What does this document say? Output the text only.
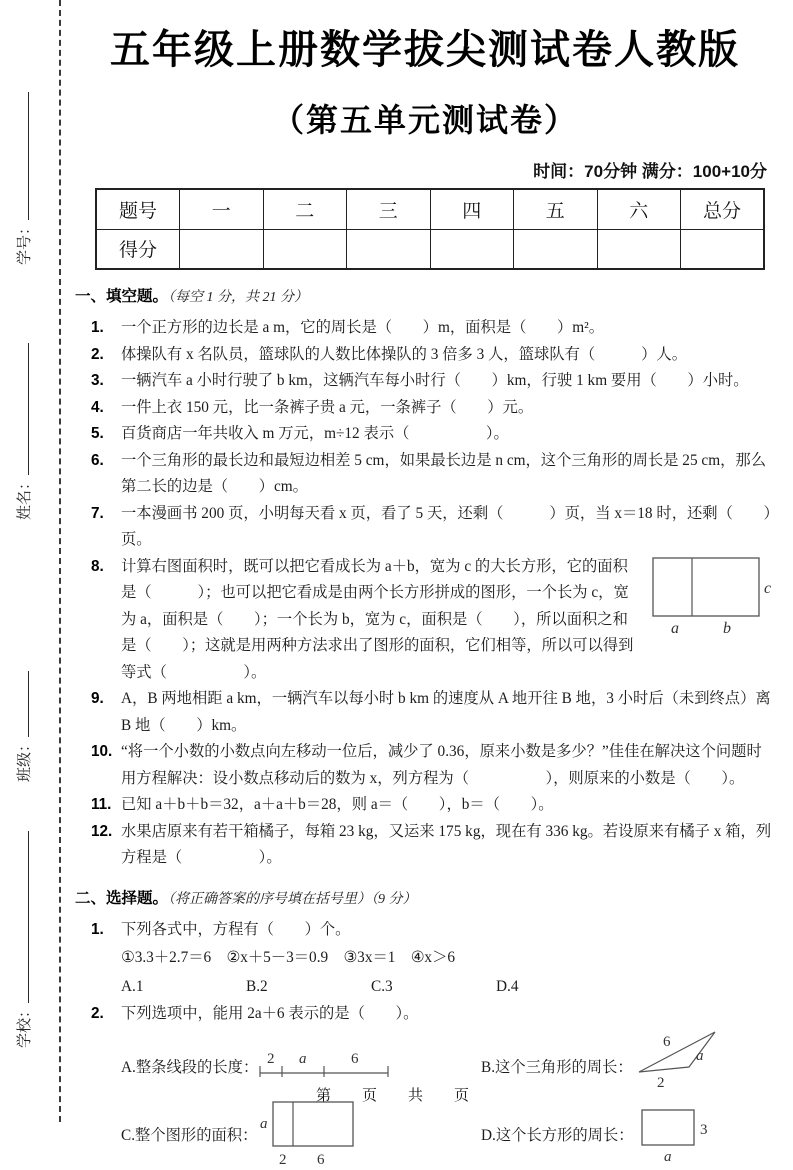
学号：
姓名：
班级：
学校：
五年级上册数学拔尖测试卷人教版
（第五单元测试卷）
时间：70分钟 满分：100+10分
题号	一	二	三	四	五	六	总分
得分							
一、填空题。（每空 1 分，共 21 分）
1. 一个正方形的边长是 a m，它的周长是（　　）m，面积是（　　）m²。
2. 体操队有 x 名队员，篮球队的人数比体操队的 3 倍多 3 人，篮球队有（　　　）人。
3. 一辆汽车 a 小时行驶了 b km，这辆汽车每小时行（　　）km，行驶 1 km 要用（　　）小时。
4. 一件上衣 150 元，比一条裤子贵 a 元，一条裤子（　　）元。
5. 百货商店一年共收入 m 万元，m÷12 表示（　　　　　）。
6. 一个三角形的最长边和最短边相差 5 cm，如果最长边是 n cm，这个三角形的周长是 25 cm，那么第二长的边是（　　）cm。
7. 一本漫画书 200 页，小明每天看 x 页，看了 5 天，还剩（　　　）页，当 x＝18 时，还剩（　　）页。
8.
a	b
c
计算右图面积时，既可以把它看成长为 a＋b，宽为 c 的大长方形，它的面积是（　　　）；也可以把它看成是由两个长方形拼成的图形，一个长为 c，宽为 a，面积是（　　）；一个长为 b，宽为 c，面积是（　　），所以面积之和是（　　）；这就是用两种方法求出了图形的面积，它们相等，所以可以得到等式（　　　　　）。
9. A，B 两地相距 a km，一辆汽车以每小时 b km 的速度从 A 地开往 B 地，3 小时后（未到终点）离 B 地（　　）km。
10. “将一个小数的小数点向左移动一位后，减少了 0.36，原来小数是多少？”佳佳在解决这个问题时用方程解决：设小数点移动后的数为 x，列方程为（　　　　　），则原来的小数是（　　）。
11. 已知 a＋b＋b＝32，a＋a＋b＝28，则 a＝（　　），b＝（　　）。
12. 水果店原来有若干箱橘子，每箱 23 kg，又运来 175 kg，现在有 336 kg。若设原来有橘子 x 箱，列方程是（　　　　　）。
二、选择题。（将正确答案的序号填在括号里）（9 分）
1. 下列各式中，方程有（　　）个。
①3.3＋2.7＝6　②x＋5－3＝0.9　③3x＝1　④x＞6
A.1	B.2	C.3	D.4
2. 下列选项中，能用 2a＋6 表示的是（　　）。
A.整条线段的长度： 2 a	6	B.这个三角形的周长：
6
a
2
C.整个图形的面积：
a
2 6
D.这个长方形的周长：	3
a
第　页　共　页
